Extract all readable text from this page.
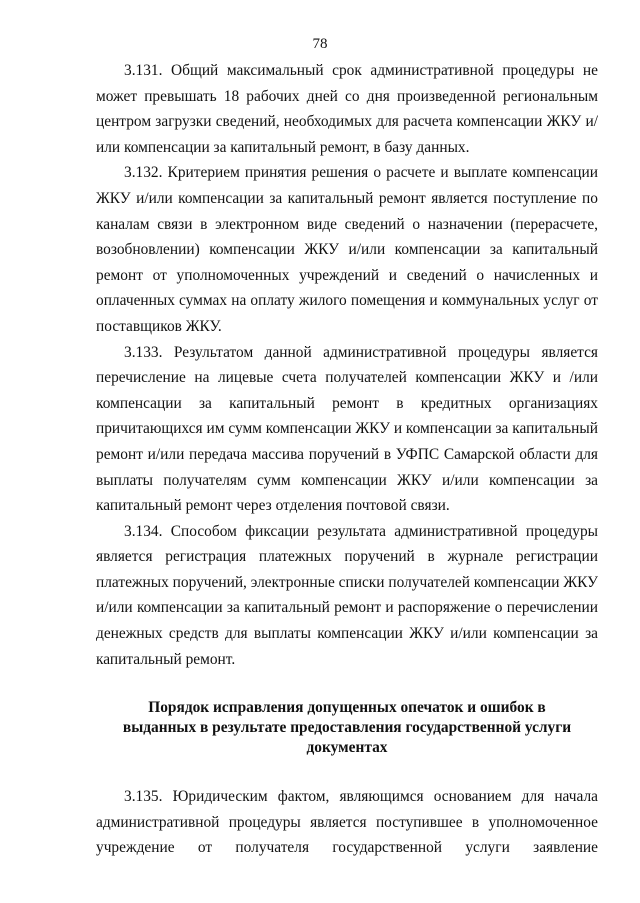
78

3.131. Общий максимальный срок административной процедуры не может превышать 18 рабочих дней со дня произведенной региональным центром загрузки сведений, необходимых для расчета компенсации ЖКУ и/или компенсации за капитальный ремонт, в базу данных.

3.132. Критерием принятия решения о расчете и выплате компенсации ЖКУ и/или компенсации за капитальный ремонт является поступление по каналам связи в электронном виде сведений о назначении (перерасчете, возобновлении) компенсации ЖКУ и/или компенсации за капитальный ремонт от уполномоченных учреждений и сведений о начисленных и оплаченных суммах на оплату жилого помещения и коммунальных услуг от поставщиков ЖКУ.

3.133. Результатом данной административной процедуры является перечисление на лицевые счета получателей компенсации ЖКУ и /или компенсации за капитальный ремонт в кредитных организациях причитающихся им сумм компенсации ЖКУ и компенсации за капитальный ремонт и/или передача массива поручений в УФПС Самарской области для выплаты получателям сумм компенсации ЖКУ и/или компенсации за капитальный ремонт через отделения почтовой связи.

3.134. Способом фиксации результата административной процедуры является регистрация платежных поручений в журнале регистрации платежных поручений, электронные списки получателей компенсации ЖКУ и/или компенсации за капитальный ремонт и распоряжение о перечислении денежных средств для выплаты компенсации ЖКУ и/или компенсации за капитальный ремонт.

Порядок исправления допущенных опечаток и ошибок в
выданных в результате предоставления государственной услуги
документах

3.135. Юридическим фактом, являющимся основанием для начала административной процедуры является поступившее в уполномоченное учреждение от получателя государственной услуги заявление
